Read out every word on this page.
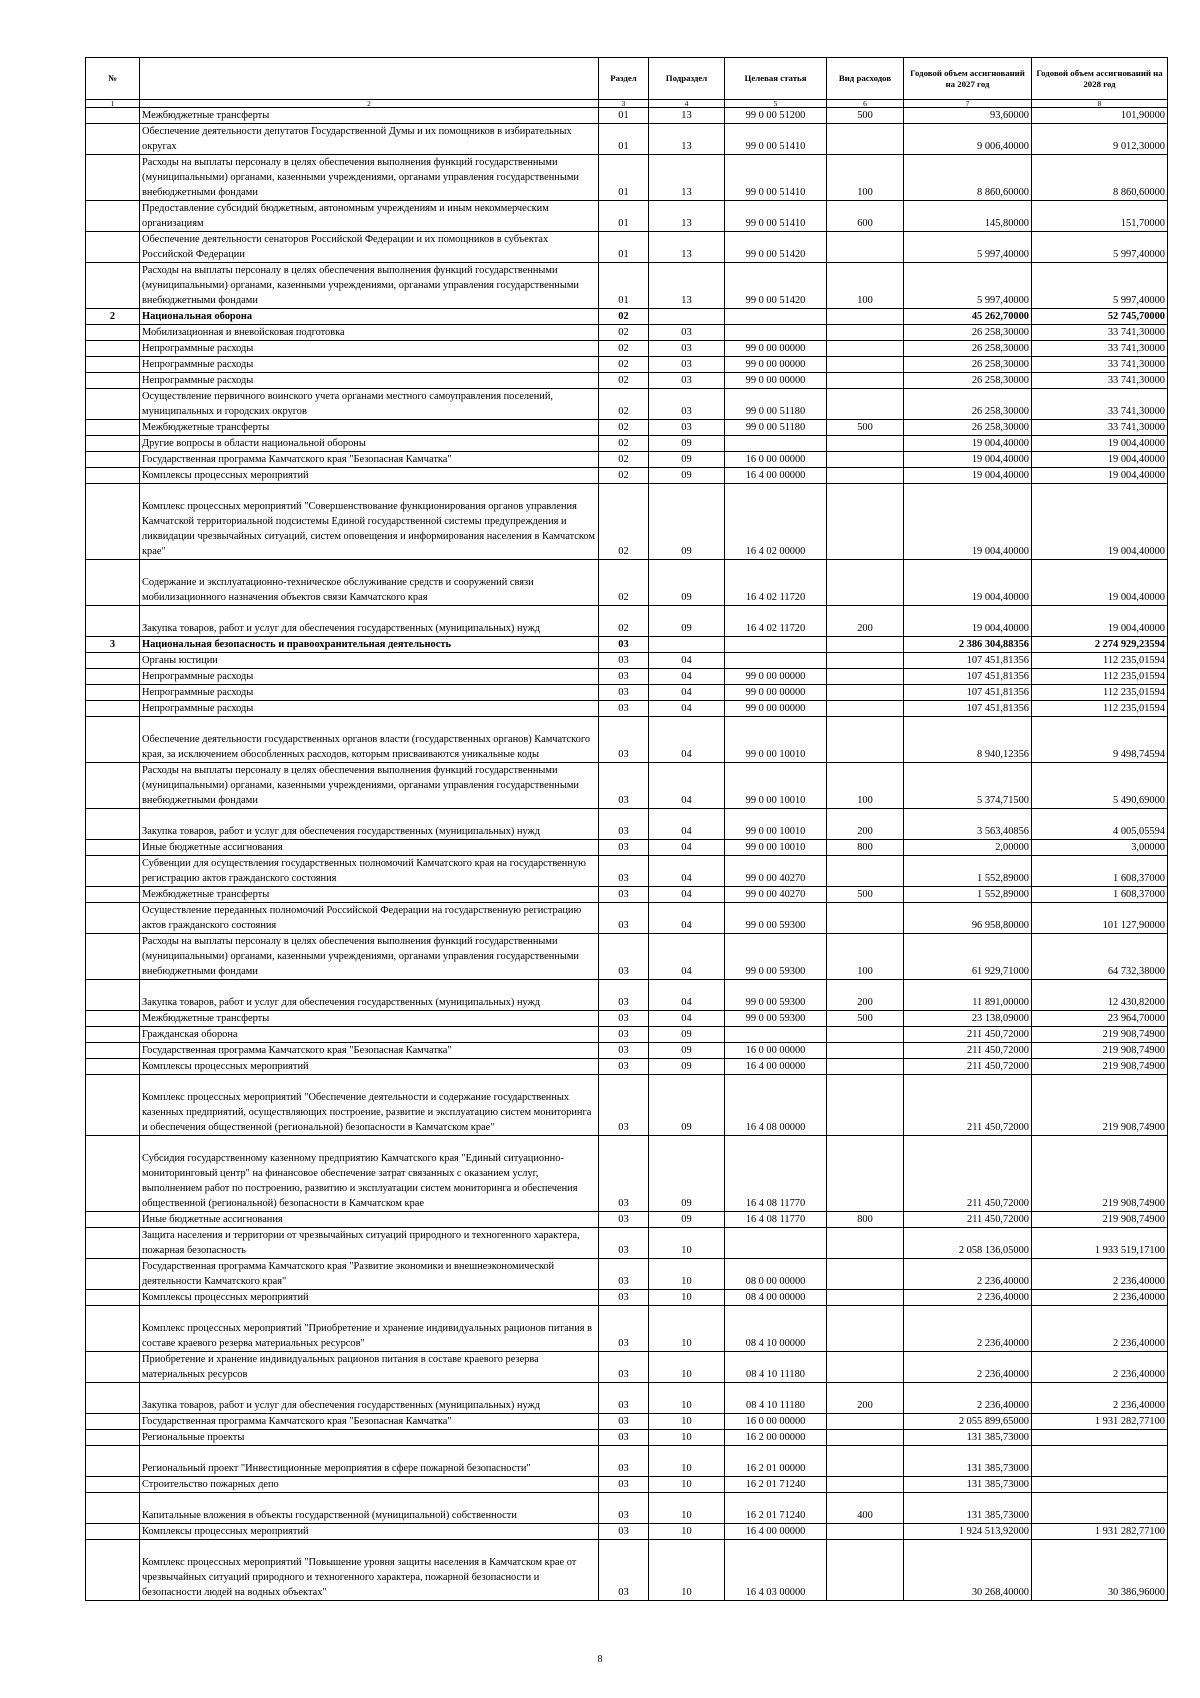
№		Раздел	Подраздел	Целевая статья	Вид расходов	Годовой объем ассигнований на 2027 год	Годовой объем ассигнований на 2028 год
1	2	3	4	5	6	7	8
	Межбюджетные трансферты	01	13	99 0 00 51200	500	93,60000	101,90000
	Обеспечение деятельности депутатов Государственной Думы и их помощников в избирательных округах	01	13	99 0 00 51410		9 006,40000	9 012,30000
	Расходы на выплаты персоналу в целях обеспечения выполнения функций государственными (муниципальными) органами, казенными учреждениями, органами управления государственными внебюджетными фондами	01	13	99 0 00 51410	100	8 860,60000	8 860,60000
	Предоставление субсидий бюджетным, автономным учреждениям и иным некоммерческим организациям	01	13	99 0 00 51410	600	145,80000	151,70000
	Обеспечение деятельности сенаторов Российской Федерации и их помощников в субъектах Российской Федерации	01	13	99 0 00 51420		5 997,40000	5 997,40000
	Расходы на выплаты персоналу в целях обеспечения выполнения функций государственными (муниципальными) органами, казенными учреждениями, органами управления государственными внебюджетными фондами	01	13	99 0 00 51420	100	5 997,40000	5 997,40000
2	Национальная оборона	02				45 262,70000	52 745,70000
	Мобилизационная и вневойсковая подготовка	02	03			26 258,30000	33 741,30000
	Непрограммные расходы	02	03	99 0 00 00000		26 258,30000	33 741,30000
	Непрограммные расходы	02	03	99 0 00 00000		26 258,30000	33 741,30000
	Непрограммные расходы	02	03	99 0 00 00000		26 258,30000	33 741,30000
	Осуществление первичного воинского учета органами местного самоуправления поселений, муниципальных и городских округов	02	03	99 0 00 51180		26 258,30000	33 741,30000
	Межбюджетные трансферты	02	03	99 0 00 51180	500	26 258,30000	33 741,30000
	Другие вопросы в области национальной обороны	02	09			19 004,40000	19 004,40000
	Государственная программа Камчатского края "Безопасная Камчатка"	02	09	16 0 00 00000		19 004,40000	19 004,40000
	Комплексы процессных мероприятий	02	09	16 4 00 00000		19 004,40000	19 004,40000
	Комплекс процессных мероприятий "Совершенствование функционирования органов управления Камчатской территориальной подсистемы Единой государственной системы предупреждения и ликвидации чрезвычайных ситуаций, систем оповещения и информирования населения в Камчатском крае"	02	09	16 4 02 00000		19 004,40000	19 004,40000
	Содержание и эксплуатационно-техническое обслуживание средств и сооружений связи мобилизационного назначения объектов связи Камчатского края	02	09	16 4 02 11720		19 004,40000	19 004,40000
	Закупка товаров, работ и услуг для обеспечения государственных (муниципальных) нужд	02	09	16 4 02 11720	200	19 004,40000	19 004,40000
3	Национальная безопасность и правоохранительная деятельность	03				2 386 304,88356	2 274 929,23594
	Органы юстиции	03	04			107 451,81356	112 235,01594
	Непрограммные расходы	03	04	99 0 00 00000		107 451,81356	112 235,01594
	Непрограммные расходы	03	04	99 0 00 00000		107 451,81356	112 235,01594
	Непрограммные расходы	03	04	99 0 00 00000		107 451,81356	112 235,01594
	Обеспечение деятельности государственных органов власти (государственных органов) Камчатского края, за исключением обособленных расходов, которым присваиваются уникальные коды	03	04	99 0 00 10010		8 940,12356	9 498,74594
	Расходы на выплаты персоналу в целях обеспечения выполнения функций государственными (муниципальными) органами, казенными учреждениями, органами управления государственными внебюджетными фондами	03	04	99 0 00 10010	100	5 374,71500	5 490,69000
	Закупка товаров, работ и услуг для обеспечения государственных (муниципальных) нужд	03	04	99 0 00 10010	200	3 563,40856	4 005,05594
	Иные бюджетные ассигнования	03	04	99 0 00 10010	800	2,00000	3,00000
	Субвенции для осуществления государственных полномочий Камчатского края на государственную регистрацию актов гражданского состояния	03	04	99 0 00 40270		1 552,89000	1 608,37000
	Межбюджетные трансферты	03	04	99 0 00 40270	500	1 552,89000	1 608,37000
	Осуществление переданных полномочий Российской Федерации на государственную регистрацию актов гражданского состояния	03	04	99 0 00 59300		96 958,80000	101 127,90000
	Расходы на выплаты персоналу в целях обеспечения выполнения функций государственными (муниципальными) органами, казенными учреждениями, органами управления государственными внебюджетными фондами	03	04	99 0 00 59300	100	61 929,71000	64 732,38000
	Закупка товаров, работ и услуг для обеспечения государственных (муниципальных) нужд	03	04	99 0 00 59300	200	11 891,00000	12 430,82000
	Межбюджетные трансферты	03	04	99 0 00 59300	500	23 138,09000	23 964,70000
	Гражданская оборона	03	09			211 450,72000	219 908,74900
	Государственная программа Камчатского края "Безопасная Камчатка"	03	09	16 0 00 00000		211 450,72000	219 908,74900
	Комплексы процессных мероприятий	03	09	16 4 00 00000		211 450,72000	219 908,74900
	Комплекс процессных мероприятий "Обеспечение деятельности и содержание государственных казенных предприятий, осуществляющих построение, развитие и эксплуатацию систем мониторинга и обеспечения общественной (региональной) безопасности в Камчатском крае"	03	09	16 4 08 00000		211 450,72000	219 908,74900
	Субсидия государственному казенному предприятию Камчатского края "Единый ситуационно-мониторинговый центр" на финансовое обеспечение затрат связанных с оказанием услуг, выполнением работ по построению, развитию и эксплуатации систем мониторинга и обеспечения общественной (региональной) безопасности в Камчатском крае	03	09	16 4 08 11770		211 450,72000	219 908,74900
	Иные бюджетные ассигнования	03	09	16 4 08 11770	800	211 450,72000	219 908,74900
	Защита населения и территории от чрезвычайных ситуаций природного и техногенного характера, пожарная безопасность	03	10			2 058 136,05000	1 933 519,17100
	Государственная программа Камчатского края "Развитие экономики и внешнеэкономической деятельности Камчатского края"	03	10	08 0 00 00000		2 236,40000	2 236,40000
	Комплексы процессных мероприятий	03	10	08 4 00 00000		2 236,40000	2 236,40000
	Комплекс процессных мероприятий "Приобретение и хранение индивидуальных рационов питания в составе краевого резерва материальных ресурсов"	03	10	08 4 10 00000		2 236,40000	2 236,40000
	Приобретение и хранение индивидуальных рационов питания в составе краевого резерва материальных ресурсов	03	10	08 4 10 11180		2 236,40000	2 236,40000
	Закупка товаров, работ и услуг для обеспечения государственных (муниципальных) нужд	03	10	08 4 10 11180	200	2 236,40000	2 236,40000
	Государственная программа Камчатского края "Безопасная Камчатка"	03	10	16 0 00 00000		2 055 899,65000	1 931 282,77100
	Региональные проекты	03	10	16 2 00 00000		131 385,73000	
	Региональный проект "Инвестиционные мероприятия в сфере пожарной безопасности"	03	10	16 2 01 00000		131 385,73000	
	Строительство пожарных депо	03	10	16 2 01 71240		131 385,73000	
	Капитальные вложения в объекты государственной (муниципальной) собственности	03	10	16 2 01 71240	400	131 385,73000	
	Комплексы процессных мероприятий	03	10	16 4 00 00000		1 924 513,92000	1 931 282,77100
	Комплекс процессных мероприятий "Повышение уровня защиты населения в Камчатском крае от чрезвычайных ситуаций природного и техногенного характера, пожарной безопасности и безопасности людей на водных объектах"	03	10	16 4 03 00000		30 268,40000	30 386,96000
8
